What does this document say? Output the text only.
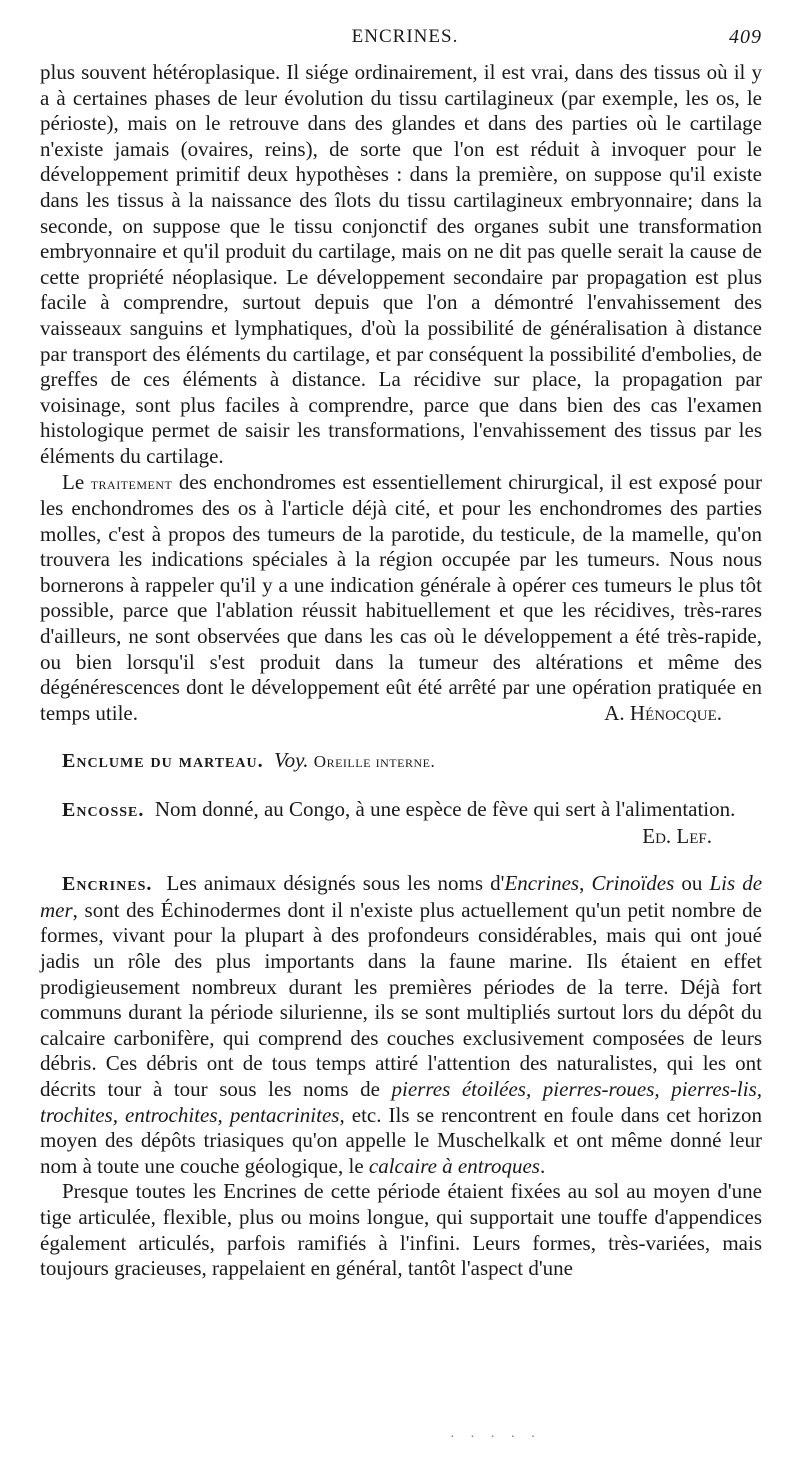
ENCRINES.	409

plus souvent hétéroplasique. Il siége ordinairement, il est vrai, dans des tissus où il y a à certaines phases de leur évolution du tissu cartilagineux (par exemple, les os, le périoste), mais on le retrouve dans des glandes et dans des parties où le cartilage n'existe jamais (ovaires, reins), de sorte que l'on est réduit à invoquer pour le développement primitif deux hypothèses : dans la première, on suppose qu'il existe dans les tissus à la naissance des îlots du tissu cartilagineux embryonnaire; dans la seconde, on suppose que le tissu conjonctif des organes subit une transformation embryonnaire et qu'il produit du cartilage, mais on ne dit pas quelle serait la cause de cette propriété néoplasique. Le développement secondaire par propagation est plus facile à comprendre, surtout depuis que l'on a démontré l'envahissement des vaisseaux sanguins et lymphatiques, d'où la possibilité de généralisation à distance par transport des éléments du cartilage, et par conséquent la possibilité d'embolies, de greffes de ces éléments à distance. La récidive sur place, la propagation par voisinage, sont plus faciles à comprendre, parce que dans bien des cas l'examen histologique permet de saisir les transformations, l'envahissement des tissus par les éléments du cartilage.

Le traitement des enchondromes est essentiellement chirurgical, il est exposé pour les enchondromes des os à l'article déjà cité, et pour les enchondromes des parties molles, c'est à propos des tumeurs de la parotide, du testicule, de la mamelle, qu'on trouvera les indications spéciales à la région occupée par les tumeurs. Nous nous bornerons à rappeler qu'il y a une indication générale à opérer ces tumeurs le plus tôt possible, parce que l'ablation réussit habituellement et que les récidives, très-rares d'ailleurs, ne sont observées que dans les cas où le développement a été très-rapide, ou bien lorsqu'il s'est produit dans la tumeur des altérations et même des dégénérescences dont le développement eût été arrêté par une opération pratiquée en temps utile.	A. Hénocque.

Enclume du marteau. Voy. Oreille interne.

Encosse. Nom donné, au Congo, à une espèce de fève qui sert à l'alimentation.
Ed. Lef.

Encrines. Les animaux désignés sous les noms d'Encrines, Crinoïdes ou Lis de mer, sont des Échinodermes dont il n'existe plus actuellement qu'un petit nombre de formes, vivant pour la plupart à des profondeurs considérables, mais qui ont joué jadis un rôle des plus importants dans la faune marine. Ils étaient en effet prodigieusement nombreux durant les premières périodes de la terre. Déjà fort communs durant la période silurienne, ils se sont multipliés surtout lors du dépôt du calcaire carbonifère, qui comprend des couches exclusivement composées de leurs débris. Ces débris ont de tous temps attiré l'attention des naturalistes, qui les ont décrits tour à tour sous les noms de pierres étoilées, pierres-roues, pierres-lis, trochites, entrochites, pentacrinites, etc. Ils se rencontrent en foule dans cet horizon moyen des dépôts triasiques qu'on appelle le Muschelkalk et ont même donné leur nom à toute une couche géologique, le calcaire à entroques.

Presque toutes les Encrines de cette période étaient fixées au sol au moyen d'une tige articulée, flexible, plus ou moins longue, qui supportait une touffe d'appendices également articulés, parfois ramifiés à l'infini. Leurs formes, très-variées, mais toujours gracieuses, rappelaient en général, tantôt l'aspect d'une

· · · · ·
